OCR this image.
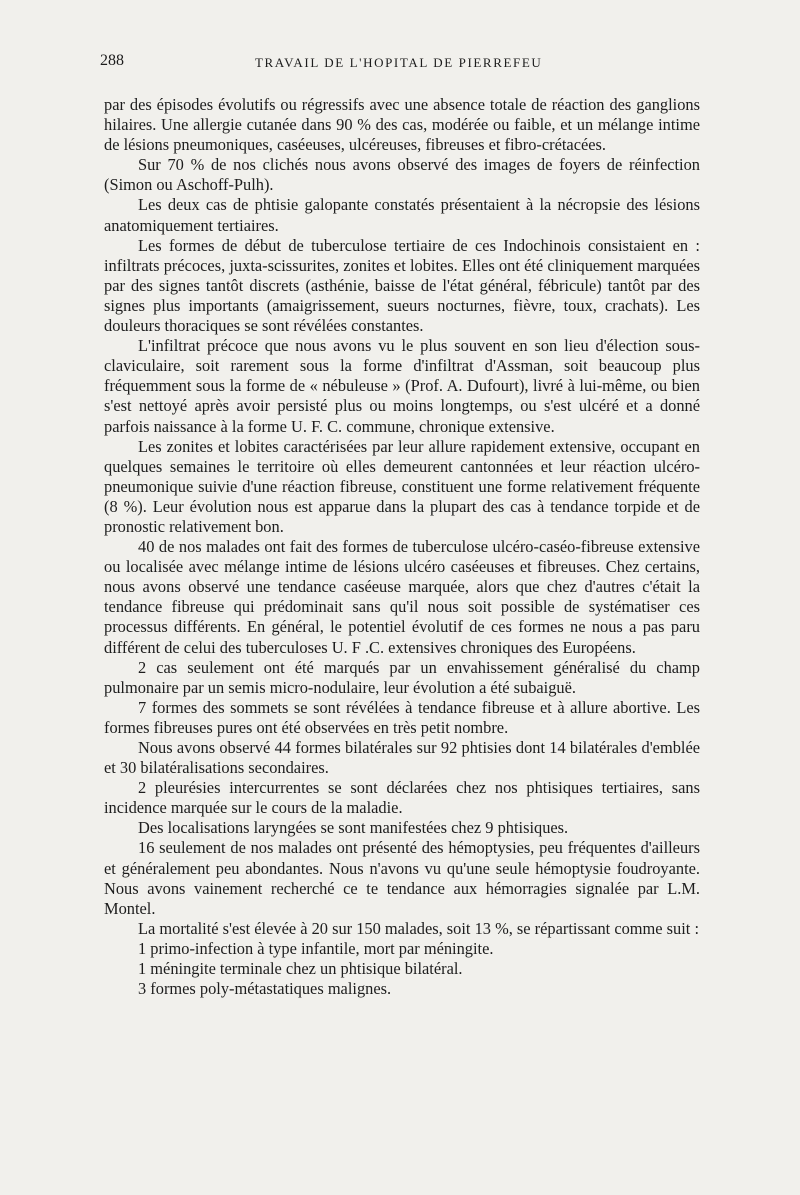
288	TRAVAIL DE L'HOPITAL DE PIERREFEU

par des épisodes évolutifs ou régressifs avec une absence totale de réaction des ganglions hilaires. Une allergie cutanée dans 90 % des cas, modérée ou faible, et un mélange intime de lésions pneumoniques, caséeuses, ulcéreuses, fibreuses et fibro-crétacées.

Sur 70 % de nos clichés nous avons observé des images de foyers de réinfection (Simon ou Aschoff-Pulh).

Les deux cas de phtisie galopante constatés présentaient à la nécropsie des lésions anatomiquement tertiaires.

Les formes de début de tuberculose tertiaire de ces Indochinois consistaient en : infiltrats précoces, juxta-scissurites, zonites et lobites. Elles ont été cliniquement marquées par des signes tantôt discrets (asthénie, baisse de l'état général, fébricule) tantôt par des signes plus importants (amaigrissement, sueurs nocturnes, fièvre, toux, crachats). Les douleurs thoraciques se sont révélées constantes.

L'infiltrat précoce que nous avons vu le plus souvent en son lieu d'élection sous-claviculaire, soit rarement sous la forme d'infiltrat d'Assman, soit beaucoup plus fréquemment sous la forme de « nébuleuse » (Prof. A. Dufourt), livré à lui-même, ou bien s'est nettoyé après avoir persisté plus ou moins longtemps, ou s'est ulcéré et a donné parfois naissance à la forme U. F. C. commune, chronique extensive.

Les zonites et lobites caractérisées par leur allure rapidement extensive, occupant en quelques semaines le territoire où elles demeurent cantonnées et leur réaction ulcéro-pneumonique suivie d'une réaction fibreuse, constituent une forme relativement fréquente (8 %). Leur évolution nous est apparue dans la plupart des cas à tendance torpide et de pronostic relativement bon.

40 de nos malades ont fait des formes de tuberculose ulcéro-caséo-fibreuse extensive ou localisée avec mélange intime de lésions ulcéro caséeuses et fibreuses. Chez certains, nous avons observé une tendance caséeuse marquée, alors que chez d'autres c'était la tendance fibreuse qui prédominait sans qu'il nous soit possible de systématiser ces processus différents. En général, le potentiel évolutif de ces formes ne nous a pas paru différent de celui des tuberculoses U. F .C. extensives chroniques des Européens.

2 cas seulement ont été marqués par un envahissement généralisé du champ pulmonaire par un semis micro-nodulaire, leur évolution a été subaiguë.

7 formes des sommets se sont révélées à tendance fibreuse et à allure abortive. Les formes fibreuses pures ont été observées en très petit nombre.

Nous avons observé 44 formes bilatérales sur 92 phtisies dont 14 bilatérales d'emblée et 30 bilatéralisations secondaires.

2 pleurésies intercurrentes se sont déclarées chez nos phtisiques tertiaires, sans incidence marquée sur le cours de la maladie.

Des localisations laryngées se sont manifestées chez 9 phtisiques.

16 seulement de nos malades ont présenté des hémoptysies, peu fréquentes d'ailleurs et généralement peu abondantes. Nous n'avons vu qu'une seule hémoptysie foudroyante. Nous avons vainement recherché ce te tendance aux hémorragies signalée par L.M. Montel.

La mortalité s'est élevée à 20 sur 150 malades, soit 13 %, se répartissant comme suit :

1 primo-infection à type infantile, mort par méningite.

1 méningite terminale chez un phtisique bilatéral.

3 formes poly-métastatiques malignes.
